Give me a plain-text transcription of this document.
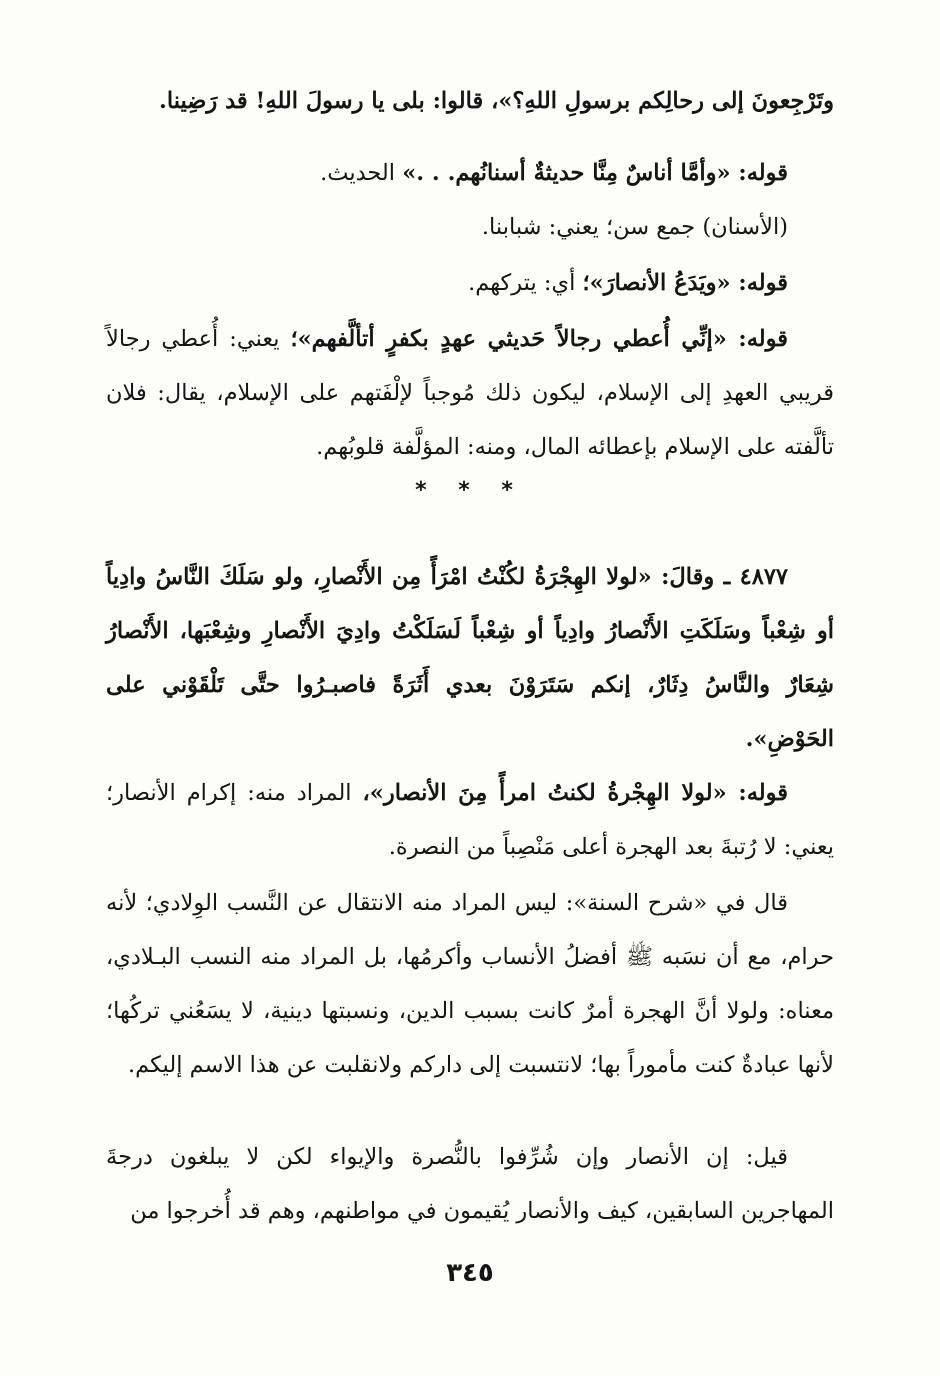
وتَرْجِعونَ إلى رحالِكم برسولِ اللهِ؟»، قالوا: بلى يا رسولَ اللهِ! قد رَضِينا.

قوله: «وأمَّا أناسٌ مِنَّا حديثةٌ أسنانُهم. . .» الحديث.

(الأسنان) جمع سن؛ يعني: شبابنا.

قوله: «ويَدَعُ الأنصارَ»؛ أي: يتركهم.

قوله: «إنِّي أُعطي رجالاً حَديثي عهدٍ بكفرٍ أتألَّفهم»؛ يعني: أُعطي رجالاً قريبي العهدِ إلى الإسلام، ليكون ذلك مُوجباً لإلْفَتهم على الإسلام، يقال: فلان تألَّفته على الإسلام بإعطائه المال، ومنه: المؤلَّفة قلوبُهم.

* * *

٤٨٧٧ ـ وقالَ: «لولا الهِجْرَةُ لكُنْتُ امْرَأً مِن الأَنْصارِ، ولو سَلَكَ النَّاسُ وادِياً أو شِعْباً وسَلَكَتِ الأَنْصارُ وادِياً أو شِعْباً لَسَلَكْتُ وادِيَ الأَنْصارِ وشِعْبَها، الأَنْصارُ شِعَارٌ والنَّاسُ دِثَارٌ، إنكم سَتَرَوْنَ بعدي أَثَرَةً فاصبـرُوا حتَّى تَلْقَوْني على الحَوْضِ».

قوله: «لولا الهِجْرةُ لكنتُ امرأً مِنَ الأنصار»، المراد منه: إكرام الأنصار؛ يعني: لا رُتبةَ بعد الهجرة أعلى مَنْصِباً من النصرة.

قال في «شرح السنة»: ليس المراد منه الانتقال عن النَّسب الوِلادي؛ لأنه حرام، مع أن نسَبه ﷺ أفضلُ الأنساب وأكرمُها، بل المراد منه النسب البـلادي، معناه: ولولا أنَّ الهجرة أمرٌ كانت بسبب الدين، ونسبتها دينية، لا يسَعُني تركُها؛ لأنها عبادةٌ كنت مأموراً بها؛ لانتسبت إلى داركم ولانقلبت عن هذا الاسم إليكم.

قيل: إن الأنصار وإن شُرِّفوا بالنُّصرة والإيواء لكن لا يبلغون درجةَ المهاجرين السابقين، كيف والأنصار يُقيمون في مواطنهم، وهم قد أُخرجوا من

٣٤٥
